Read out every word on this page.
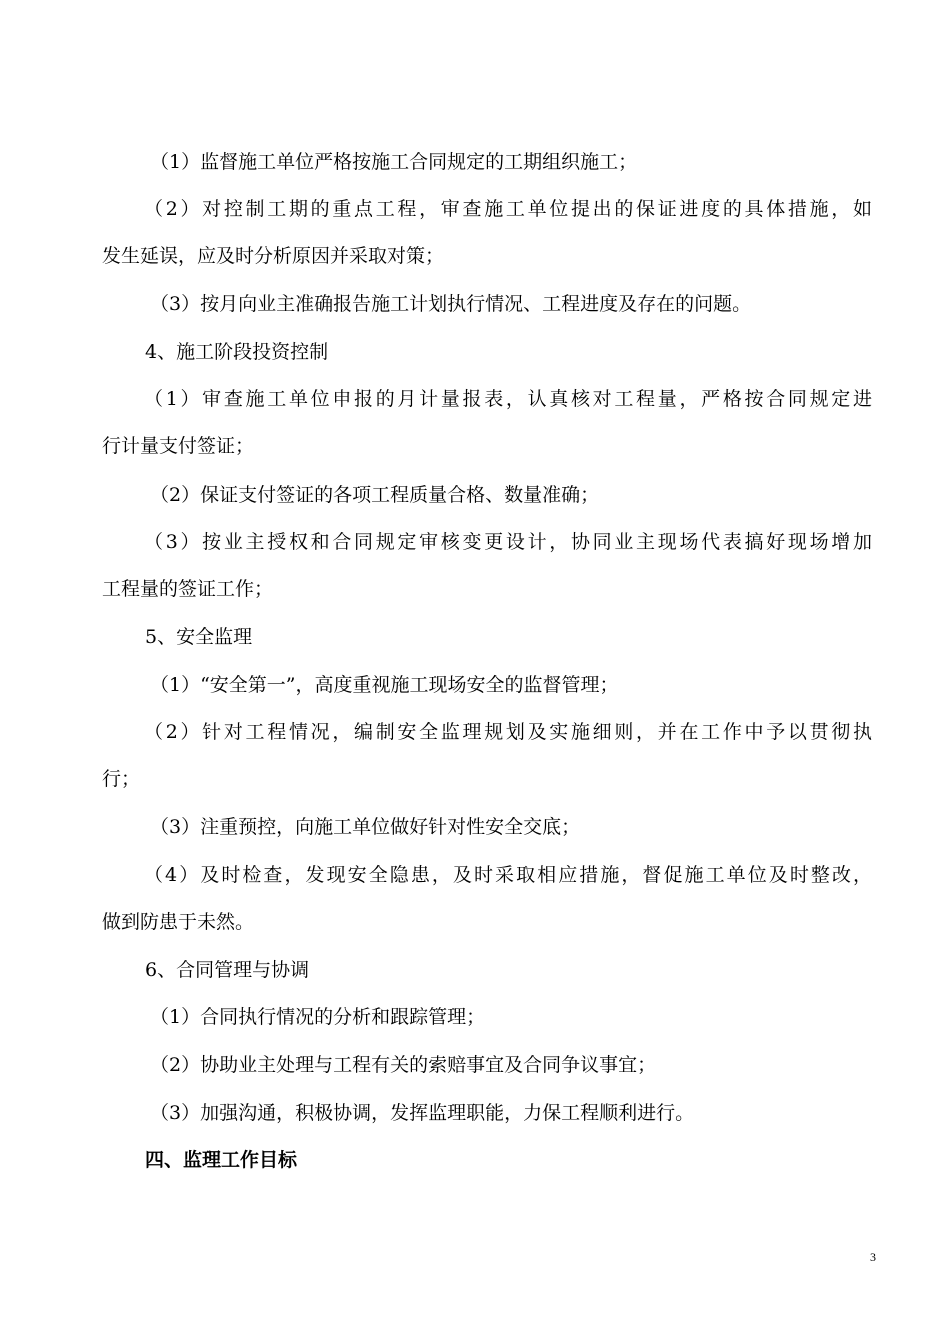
（1）监督施工单位严格按施工合同规定的工期组织施工；
（2）对控制工期的重点工程，审查施工单位提出的保证进度的具体措施，如
发生延误，应及时分析原因并采取对策；
（3）按月向业主准确报告施工计划执行情况、工程进度及存在的问题。
4、施工阶段投资控制
（1）审查施工单位申报的月计量报表，认真核对工程量，严格按合同规定进
行计量支付签证；
（2）保证支付签证的各项工程质量合格、数量准确；
（3）按业主授权和合同规定审核变更设计，协同业主现场代表搞好现场增加
工程量的签证工作；
5、安全监理
（1）“安全第一”，高度重视施工现场安全的监督管理；
（2）针对工程情况，编制安全监理规划及实施细则，并在工作中予以贯彻执
行；
（3）注重预控，向施工单位做好针对性安全交底；
（4）及时检查，发现安全隐患，及时采取相应措施，督促施工单位及时整改，
做到防患于未然。
6、合同管理与协调
（1）合同执行情况的分析和跟踪管理；
（2）协助业主处理与工程有关的索赔事宜及合同争议事宜；
（3）加强沟通，积极协调，发挥监理职能，力保工程顺利进行。
四、监理工作目标
3
